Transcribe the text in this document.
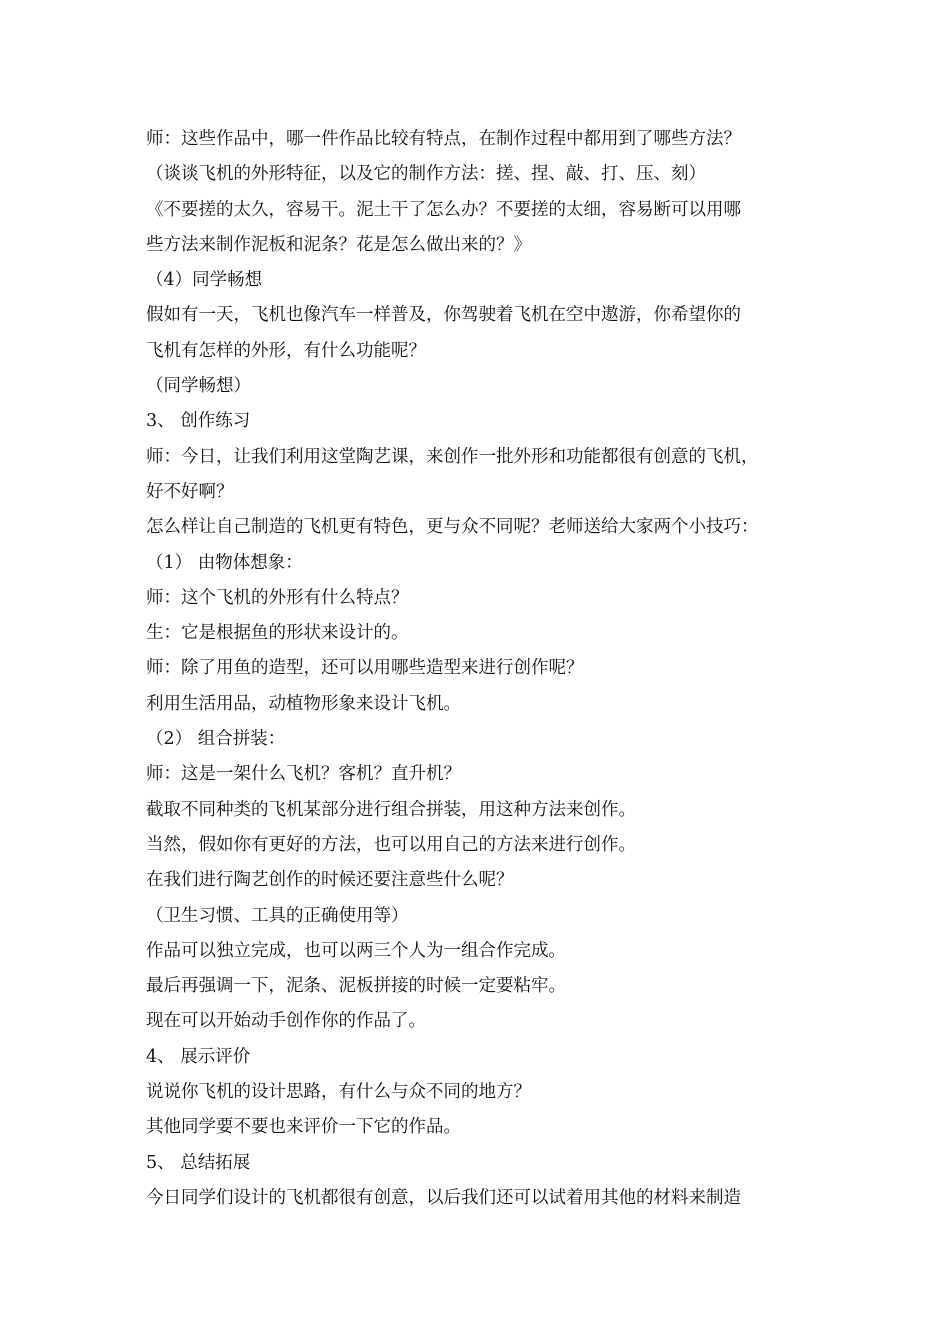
师：这些作品中，哪一件作品比较有特点，在制作过程中都用到了哪些方法？
（谈谈飞机的外形特征，以及它的制作方法：搓、捏、敲、打、压、刻）
《不要搓的太久，容易干。泥土干了怎么办？不要搓的太细，容易断可以用哪
些方法来制作泥板和泥条？花是怎么做出来的？》
（4）同学畅想
假如有一天，飞机也像汽车一样普及，你驾驶着飞机在空中遨游，你希望你的
飞机有怎样的外形，有什么功能呢？
（同学畅想）
3、 创作练习
师：今日，让我们利用这堂陶艺课，来创作一批外形和功能都很有创意的飞机，
好不好啊？
怎么样让自己制造的飞机更有特色，更与众不同呢？老师送给大家两个小技巧：
（1） 由物体想象：
师：这个飞机的外形有什么特点？
生：它是根据鱼的形状来设计的。
师：除了用鱼的造型，还可以用哪些造型来进行创作呢？
利用生活用品，动植物形象来设计飞机。
（2） 组合拼装：
师：这是一架什么飞机？客机？直升机？
截取不同种类的飞机某部分进行组合拼装，用这种方法来创作。
当然，假如你有更好的方法，也可以用自己的方法来进行创作。
在我们进行陶艺创作的时候还要注意些什么呢？
（卫生习惯、工具的正确使用等）
作品可以独立完成，也可以两三个人为一组合作完成。
最后再强调一下，泥条、泥板拼接的时候一定要粘牢。
现在可以开始动手创作你的作品了。
4、 展示评价
说说你飞机的设计思路，有什么与众不同的地方？
其他同学要不要也来评价一下它的作品。
5、 总结拓展
今日同学们设计的飞机都很有创意，以后我们还可以试着用其他的材料来制造
